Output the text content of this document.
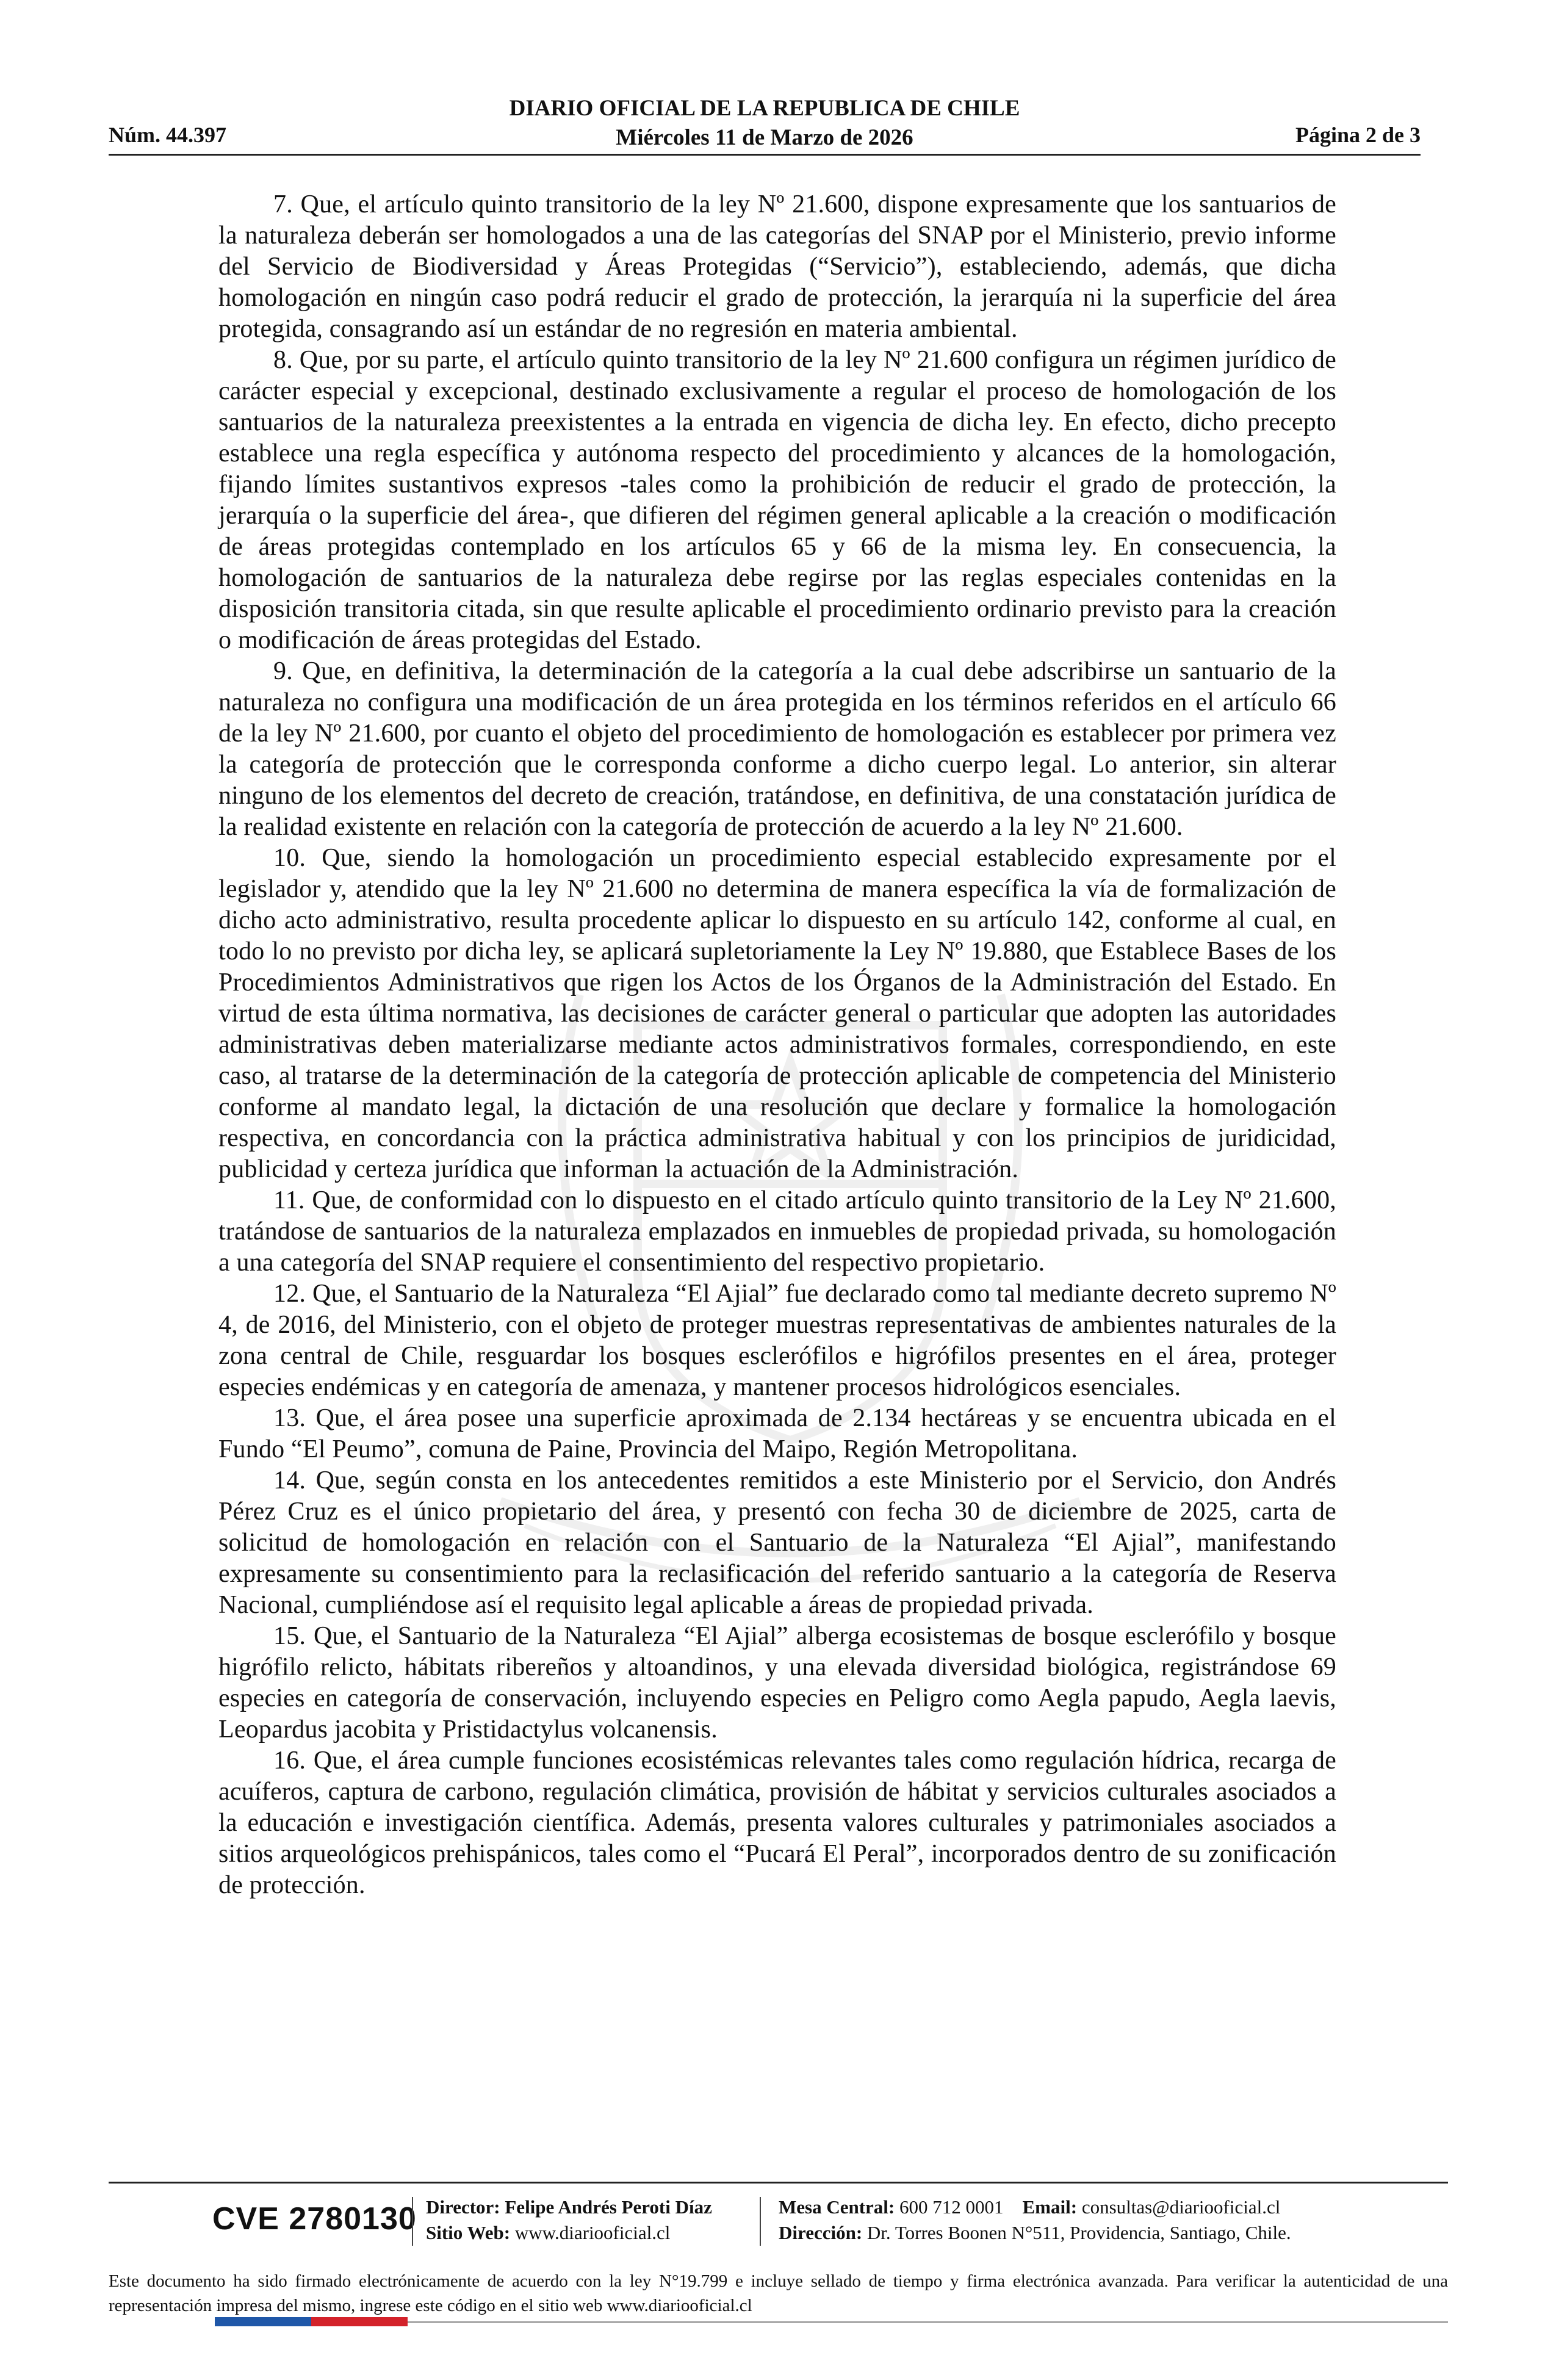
Núm. 44.397
DIARIO OFICIAL DE LA REPUBLICA DE CHILE
Miércoles 11 de Marzo de 2026	Página 2 de 3

7. Que, el artículo quinto transitorio de la ley Nº 21.600, dispone expresamente que los santuarios de la naturaleza deberán ser homologados a una de las categorías del SNAP por el Ministerio, previo informe del Servicio de Biodiversidad y Áreas Protegidas (“Servicio”), estableciendo, además, que dicha homologación en ningún caso podrá reducir el grado de protección, la jerarquía ni la superficie del área protegida, consagrando así un estándar de no regresión en materia ambiental.

8. Que, por su parte, el artículo quinto transitorio de la ley Nº 21.600 configura un régimen jurídico de carácter especial y excepcional, destinado exclusivamente a regular el proceso de homologación de los santuarios de la naturaleza preexistentes a la entrada en vigencia de dicha ley. En efecto, dicho precepto establece una regla específica y autónoma respecto del procedimiento y alcances de la homologación, fijando límites sustantivos expresos -tales como la prohibición de reducir el grado de protección, la jerarquía o la superficie del área-, que difieren del régimen general aplicable a la creación o modificación de áreas protegidas contemplado en los artículos 65 y 66 de la misma ley. En consecuencia, la homologación de santuarios de la naturaleza debe regirse por las reglas especiales contenidas en la disposición transitoria citada, sin que resulte aplicable el procedimiento ordinario previsto para la creación o modificación de áreas protegidas del Estado.

9. Que, en definitiva, la determinación de la categoría a la cual debe adscribirse un santuario de la naturaleza no configura una modificación de un área protegida en los términos referidos en el artículo 66 de la ley Nº 21.600, por cuanto el objeto del procedimiento de homologación es establecer por primera vez la categoría de protección que le corresponda conforme a dicho cuerpo legal. Lo anterior, sin alterar ninguno de los elementos del decreto de creación, tratándose, en definitiva, de una constatación jurídica de la realidad existente en relación con la categoría de protección de acuerdo a la ley Nº 21.600.

10. Que, siendo la homologación un procedimiento especial establecido expresamente por el legislador y, atendido que la ley Nº 21.600 no determina de manera específica la vía de formalización de dicho acto administrativo, resulta procedente aplicar lo dispuesto en su artículo 142, conforme al cual, en todo lo no previsto por dicha ley, se aplicará supletoriamente la Ley Nº 19.880, que Establece Bases de los Procedimientos Administrativos que rigen los Actos de los Órganos de la Administración del Estado. En virtud de esta última normativa, las decisiones de carácter general o particular que adopten las autoridades administrativas deben materializarse mediante actos administrativos formales, correspondiendo, en este caso, al tratarse de la determinación de la categoría de protección aplicable de competencia del Ministerio conforme al mandato legal, la dictación de una resolución que declare y formalice la homologación respectiva, en concordancia con la práctica administrativa habitual y con los principios de juridicidad, publicidad y certeza jurídica que informan la actuación de la Administración.

11. Que, de conformidad con lo dispuesto en el citado artículo quinto transitorio de la Ley Nº 21.600, tratándose de santuarios de la naturaleza emplazados en inmuebles de propiedad privada, su homologación a una categoría del SNAP requiere el consentimiento del respectivo propietario.

12. Que, el Santuario de la Naturaleza “El Ajial” fue declarado como tal mediante decreto supremo Nº 4, de 2016, del Ministerio, con el objeto de proteger muestras representativas de ambientes naturales de la zona central de Chile, resguardar los bosques esclerófilos e higrófilos presentes en el área, proteger especies endémicas y en categoría de amenaza, y mantener procesos hidrológicos esenciales.

13. Que, el área posee una superficie aproximada de 2.134 hectáreas y se encuentra ubicada en el Fundo “El Peumo”, comuna de Paine, Provincia del Maipo, Región Metropolitana.

14. Que, según consta en los antecedentes remitidos a este Ministerio por el Servicio, don Andrés Pérez Cruz es el único propietario del área, y presentó con fecha 30 de diciembre de 2025, carta de solicitud de homologación en relación con el Santuario de la Naturaleza “El Ajial”, manifestando expresamente su consentimiento para la reclasificación del referido santuario a la categoría de Reserva Nacional, cumpliéndose así el requisito legal aplicable a áreas de propiedad privada.

15. Que, el Santuario de la Naturaleza “El Ajial” alberga ecosistemas de bosque esclerófilo y bosque higrófilo relicto, hábitats ribereños y altoandinos, y una elevada diversidad biológica, registrándose 69 especies en categoría de conservación, incluyendo especies en Peligro como Aegla papudo, Aegla laevis, Leopardus jacobita y Pristidactylus volcanensis.

16. Que, el área cumple funciones ecosistémicas relevantes tales como regulación hídrica, recarga de acuíferos, captura de carbono, regulación climática, provisión de hábitat y servicios culturales asociados a la educación e investigación científica. Además, presenta valores culturales y patrimoniales asociados a sitios arqueológicos prehispánicos, tales como el “Pucará El Peral”, incorporados dentro de su zonificación de protección.

CVE 2780130 Director: Felipe Andrés Peroti Díaz
Sitio Web: www.diariooficial.cl
Mesa Central: 600 712 0001 Email: consultas@diariooficial.cl
Dirección: Dr. Torres Boonen N°511, Providencia, Santiago, Chile.
Este documento ha sido firmado electrónicamente de acuerdo con la ley N°19.799 e incluye sellado de tiempo y firma electrónica avanzada. Para verificar la autenticidad de una representación impresa del mismo, ingrese este código en el sitio web www.diariooficial.cl
